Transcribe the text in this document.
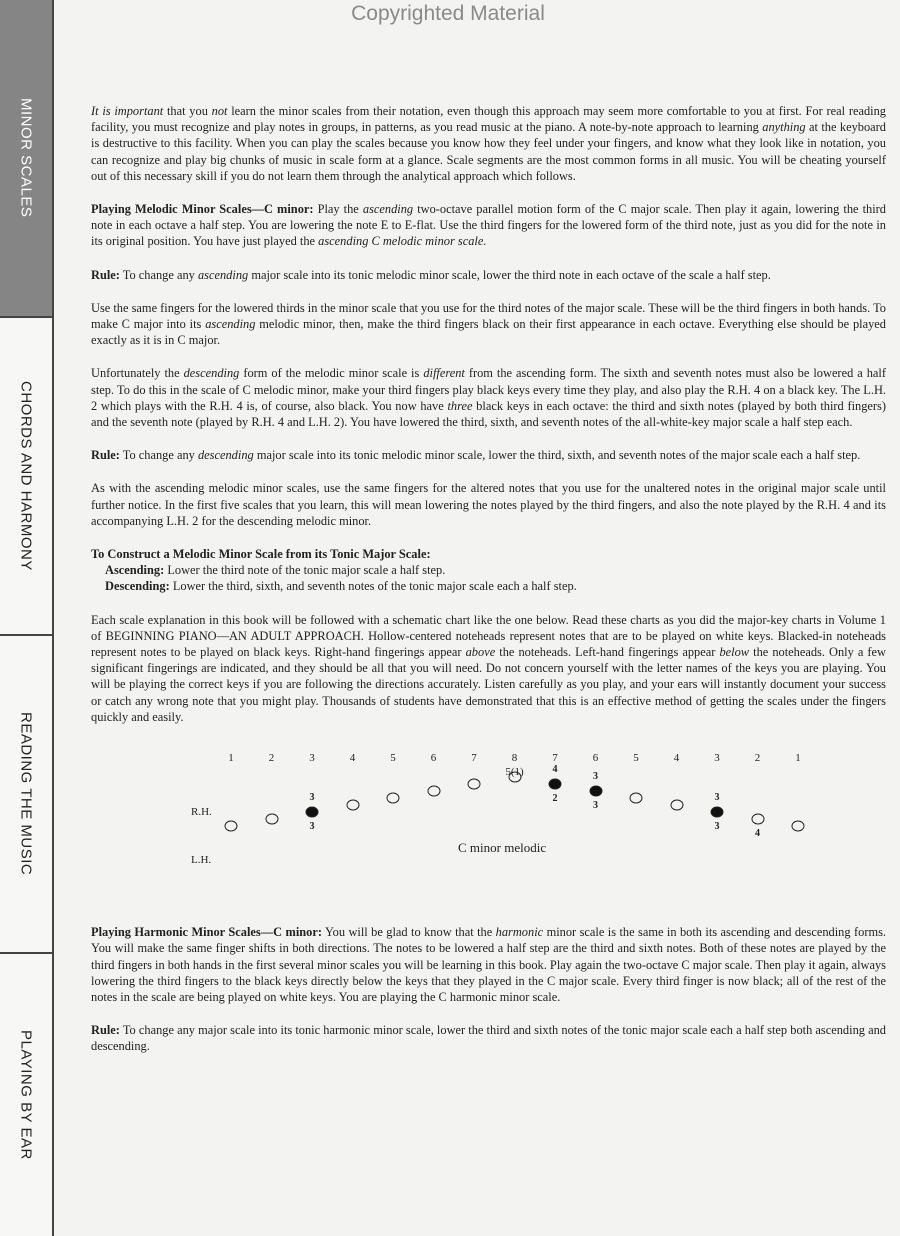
Copyrighted Material
MINOR SCALES
CHORDS AND HARMONY
READING THE MUSIC
PLAYING BY EAR

It is important that you not learn the minor scales from their notation, even though this approach may seem more comfortable to you at first. For real reading facility, you must recognize and play notes in groups, in patterns, as you read music at the piano. A note-by-note approach to learning anything at the keyboard is destructive to this facility. When you can play the scales because you know how they feel under your fingers, and know what they look like in notation, you can recognize and play big chunks of music in scale form at a glance. Scale segments are the most common forms in all music. You will be cheating yourself out of this necessary skill if you do not learn them through the analytical approach which follows.

Playing Melodic Minor Scales—C minor: Play the ascending two-octave parallel motion form of the C major scale. Then play it again, lowering the third note in each octave a half step. You are lowering the note E to E-flat. Use the third fingers for the lowered form of the third note, just as you did for the note in its original position. You have just played the ascending C melodic minor scale.

Rule: To change any ascending major scale into its tonic melodic minor scale, lower the third note in each octave of the scale a half step.

Use the same fingers for the lowered thirds in the minor scale that you use for the third notes of the major scale. These will be the third fingers in both hands. To make C major into its ascending melodic minor, then, make the third fingers black on their first appearance in each octave. Everything else should be played exactly as it is in C major.

Unfortunately the descending form of the melodic minor scale is different from the ascending form. The sixth and seventh notes must also be lowered a half step. To do this in the scale of C melodic minor, make your third fingers play black keys every time they play, and also play the R.H. 4 on a black key. The L.H. 2 which plays with the R.H. 4 is, of course, also black. You now have three black keys in each octave: the third and sixth notes (played by both third fingers) and the seventh note (played by R.H. 4 and L.H. 2). You have lowered the third, sixth, and seventh notes of the all-white-key major scale a half step each.

Rule: To change any descending major scale into its tonic melodic minor scale, lower the third, sixth, and seventh notes of the major scale each a half step.

As with the ascending melodic minor scales, use the same fingers for the altered notes that you use for the unaltered notes in the original major scale until further notice. In the first five scales that you learn, this will mean lowering the notes played by the third fingers, and also the note played by the R.H. 4 and its accompanying L.H. 2 for the descending melodic minor.

To Construct a Melodic Minor Scale from its Tonic Major Scale:
Ascending: Lower the third note of the tonic major scale a half step.
Descending: Lower the third, sixth, and seventh notes of the tonic major scale each a half step.

Each scale explanation in this book will be followed with a schematic chart like the one below. Read these charts as you did the major-key charts in Volume 1 of BEGINNING PIANO—AN ADULT APPROACH. Hollow-centered noteheads represent notes that are to be played on white keys. Blacked-in noteheads represent notes to be played on black keys. Right-hand fingerings appear above the noteheads. Left-hand fingerings appear below the noteheads. Only a few significant fingerings are indicated, and they should be all that you will need. Do not concern yourself with the letter names of the keys you are playing. You will be playing the correct keys if you are following the directions accurately. Listen carefully as you play, and your ears will instantly document your success or catch any wrong note that you might play. Thousands of students have demonstrated that this is an effective method of getting the scales under the fingers quickly and easily.

R.H.
L.H.
C minor melodic
1	2	3	4	5	6	7	8	7	6	5	4	3	2	1
5(1)
3
3
4
2
3
3
3
3
4

Playing Harmonic Minor Scales—C minor: You will be glad to know that the harmonic minor scale is the same in both its ascending and descending forms. You will make the same finger shifts in both directions. The notes to be lowered a half step are the third and sixth notes. Both of these notes are played by the third fingers in both hands in the first several minor scales you will be learning in this book. Play again the two-octave C major scale. Then play it again, always lowering the third fingers to the black keys directly below the keys that they played in the C major scale. Every third finger is now black; all of the rest of the notes in the scale are being played on white keys. You are playing the C harmonic minor scale.

Rule: To change any major scale into its tonic harmonic minor scale, lower the third and sixth notes of the tonic major scale each a half step both ascending and descending.
